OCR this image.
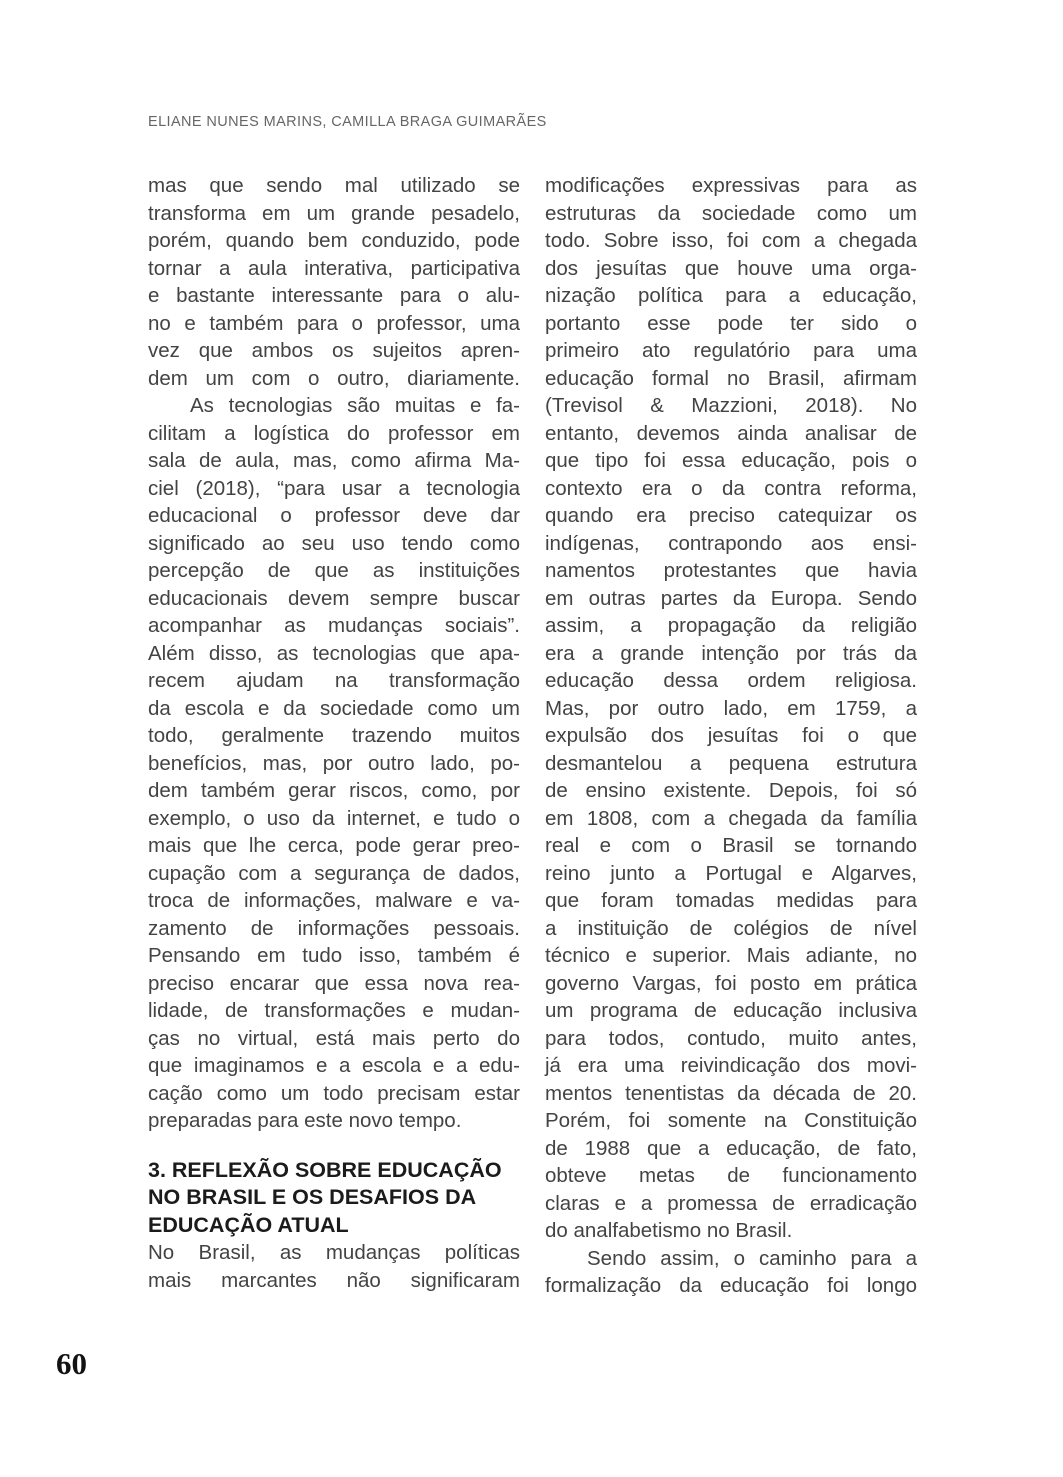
ELIANE NUNES MARINS, CAMILLA BRAGA GUIMARÃES
mas que sendo mal utilizado se
transforma em um grande pesadelo,
porém, quando bem conduzido, pode
tornar a aula interativa, participativa
e bastante interessante para o alu-
no e também para o professor, uma
vez que ambos os sujeitos apren-
dem um com o outro, diariamente.
As tecnologias são muitas e fa-
cilitam a logística do professor em
sala de aula, mas, como afirma Ma-
ciel (2018), “para usar a tecnologia
educacional o professor deve dar
significado ao seu uso tendo como
percepção de que as instituições
educacionais devem sempre buscar
acompanhar as mudanças sociais”.
Além disso, as tecnologias que apa-
recem ajudam na transformação
da escola e da sociedade como um
todo, geralmente trazendo muitos
benefícios, mas, por outro lado, po-
dem também gerar riscos, como, por
exemplo, o uso da internet, e tudo o
mais que lhe cerca, pode gerar preo-
cupação com a segurança de dados,
troca de informações, malware e va-
zamento de informações pessoais.
Pensando em tudo isso, também é
preciso encarar que essa nova rea-
lidade, de transformações e mudan-
ças no virtual, está mais perto do
que imaginamos e a escola e a edu-
cação como um todo precisam estar
preparadas para este novo tempo.
3. REFLEXÃO SOBRE EDUCAÇÃO
NO BRASIL E OS DESAFIOS DA
EDUCAÇÃO ATUAL
No Brasil, as mudanças políticas
mais marcantes não significaram
modificações expressivas para as
estruturas da sociedade como um
todo. Sobre isso, foi com a chegada
dos jesuítas que houve uma orga-
nização política para a educação,
portanto esse pode ter sido o
primeiro ato regulatório para uma
educação formal no Brasil, afirmam
(Trevisol & Mazzioni, 2018). No
entanto, devemos ainda analisar de
que tipo foi essa educação, pois o
contexto era o da contra reforma,
quando era preciso catequizar os
indígenas, contrapondo aos ensi-
namentos protestantes que havia
em outras partes da Europa. Sendo
assim, a propagação da religião
era a grande intenção por trás da
educação dessa ordem religiosa.
Mas, por outro lado, em 1759, a
expulsão dos jesuítas foi o que
desmantelou a pequena estrutura
de ensino existente. Depois, foi só
em 1808, com a chegada da família
real e com o Brasil se tornando
reino junto a Portugal e Algarves,
que foram tomadas medidas para
a instituição de colégios de nível
técnico e superior. Mais adiante, no
governo Vargas, foi posto em prática
um programa de educação inclusiva
para todos, contudo, muito antes,
já era uma reivindicação dos movi-
mentos tenentistas da década de 20.
Porém, foi somente na Constituição
de 1988 que a educação, de fato,
obteve metas de funcionamento
claras e a promessa de erradicação
do analfabetismo no Brasil.
Sendo assim, o caminho para a
formalização da educação foi longo
60
